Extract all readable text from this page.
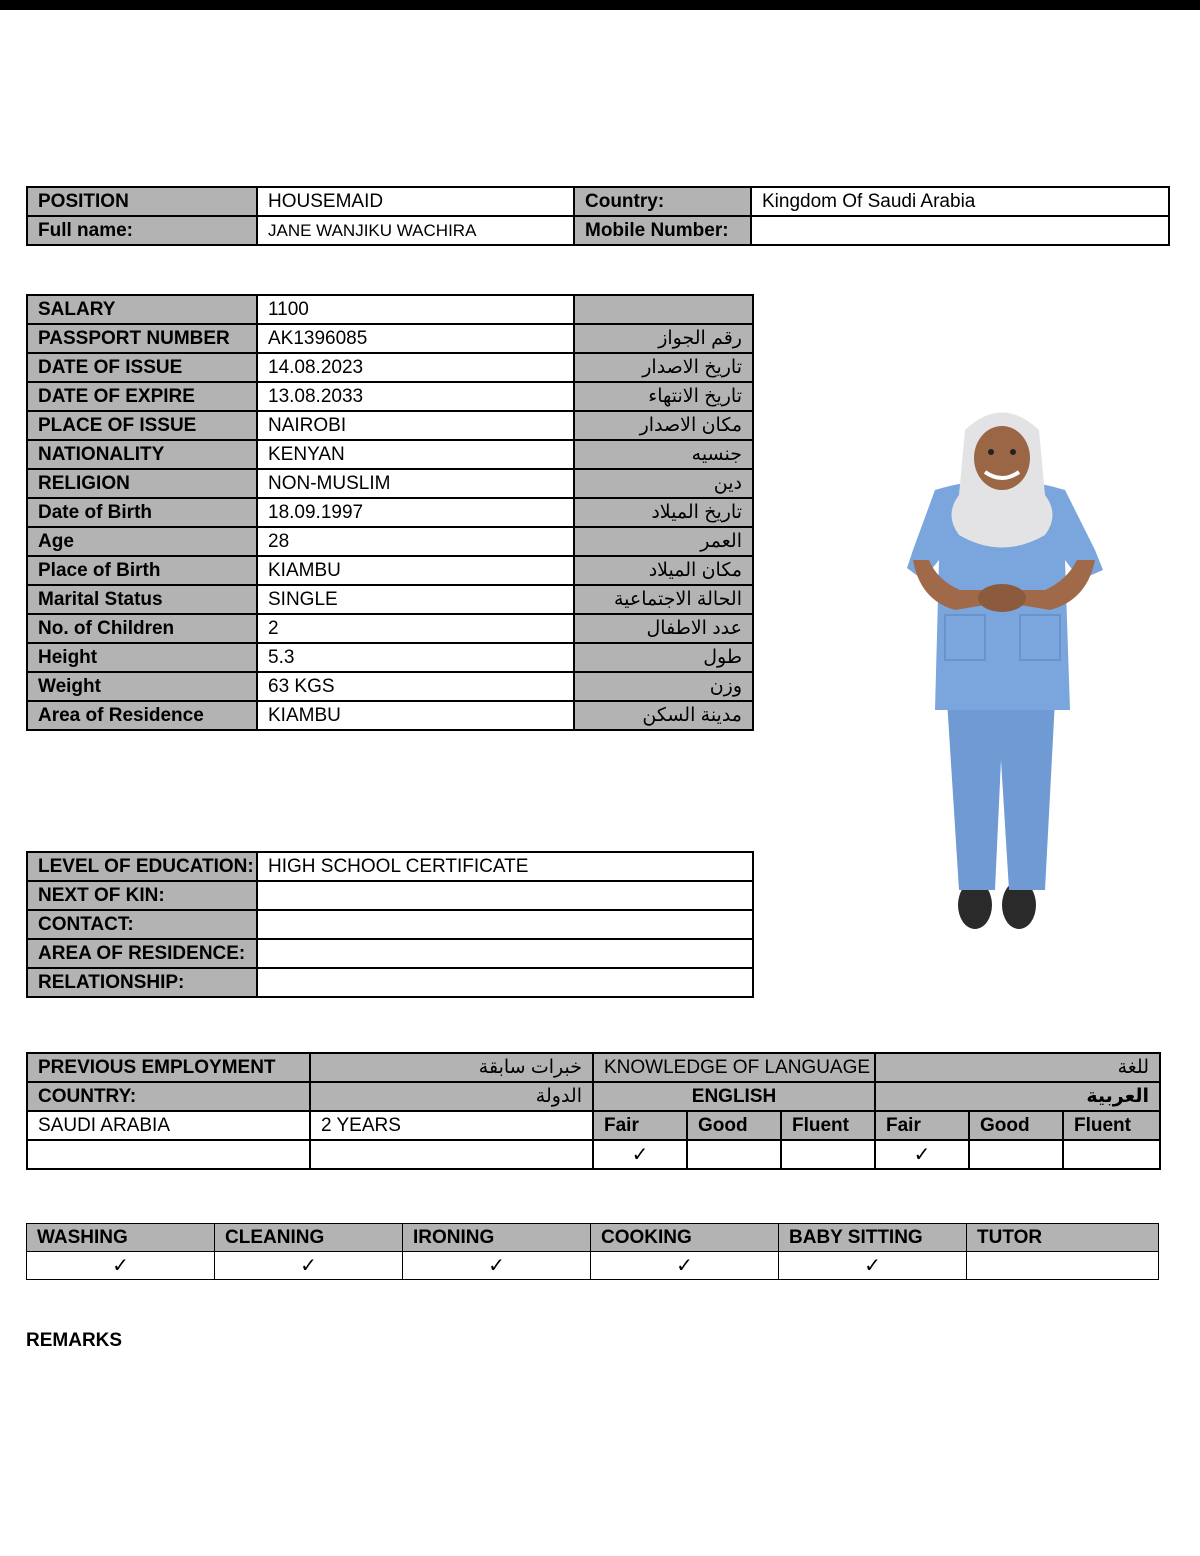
POSITION	HOUSEMAID	Country:	Kingdom Of Saudi Arabia
Full name:	JANE WANJIKU WACHIRA	Mobile Number:	
SALARY	1100	
PASSPORT NUMBER	AK1396085	رقم الجواز
DATE OF ISSUE	14.08.2023	تاريخ الاصدار
DATE OF EXPIRE	13.08.2033	تاريخ الانتهاء
PLACE OF ISSUE	NAIROBI	مكان الاصدار
NATIONALITY	KENYAN	جنسيه
RELIGION	NON-MUSLIM	دين
Date of Birth	18.09.1997	تاريخ الميلاد
Age	28	العمر
Place of Birth	KIAMBU	مكان الميلاد
Marital Status	SINGLE	الحالة الاجتماعية
No. of Children	2	عدد الاطفال
Height	5.3	طول
Weight	63 KGS	وزن
Area of Residence	KIAMBU	مدينة السكن
LEVEL OF EDUCATION:	HIGH SCHOOL CERTIFICATE
NEXT OF KIN:	
CONTACT:	
AREA OF RESIDENCE:	
RELATIONSHIP:	
PREVIOUS EMPLOYMENT	خبرات سابقة	KNOWLEDGE OF LANGUAGE			للغة		
COUNTRY:	الدولة	ENGLISH			العربية		
SAUDI ARABIA	2 YEARS	Fair	Good	Fluent	Fair	Good	Fluent
		✓			✓		
WASHING	CLEANING	IRONING	COOKING	BABY SITTING	TUTOR
✓	✓	✓	✓	✓	
REMARKS
